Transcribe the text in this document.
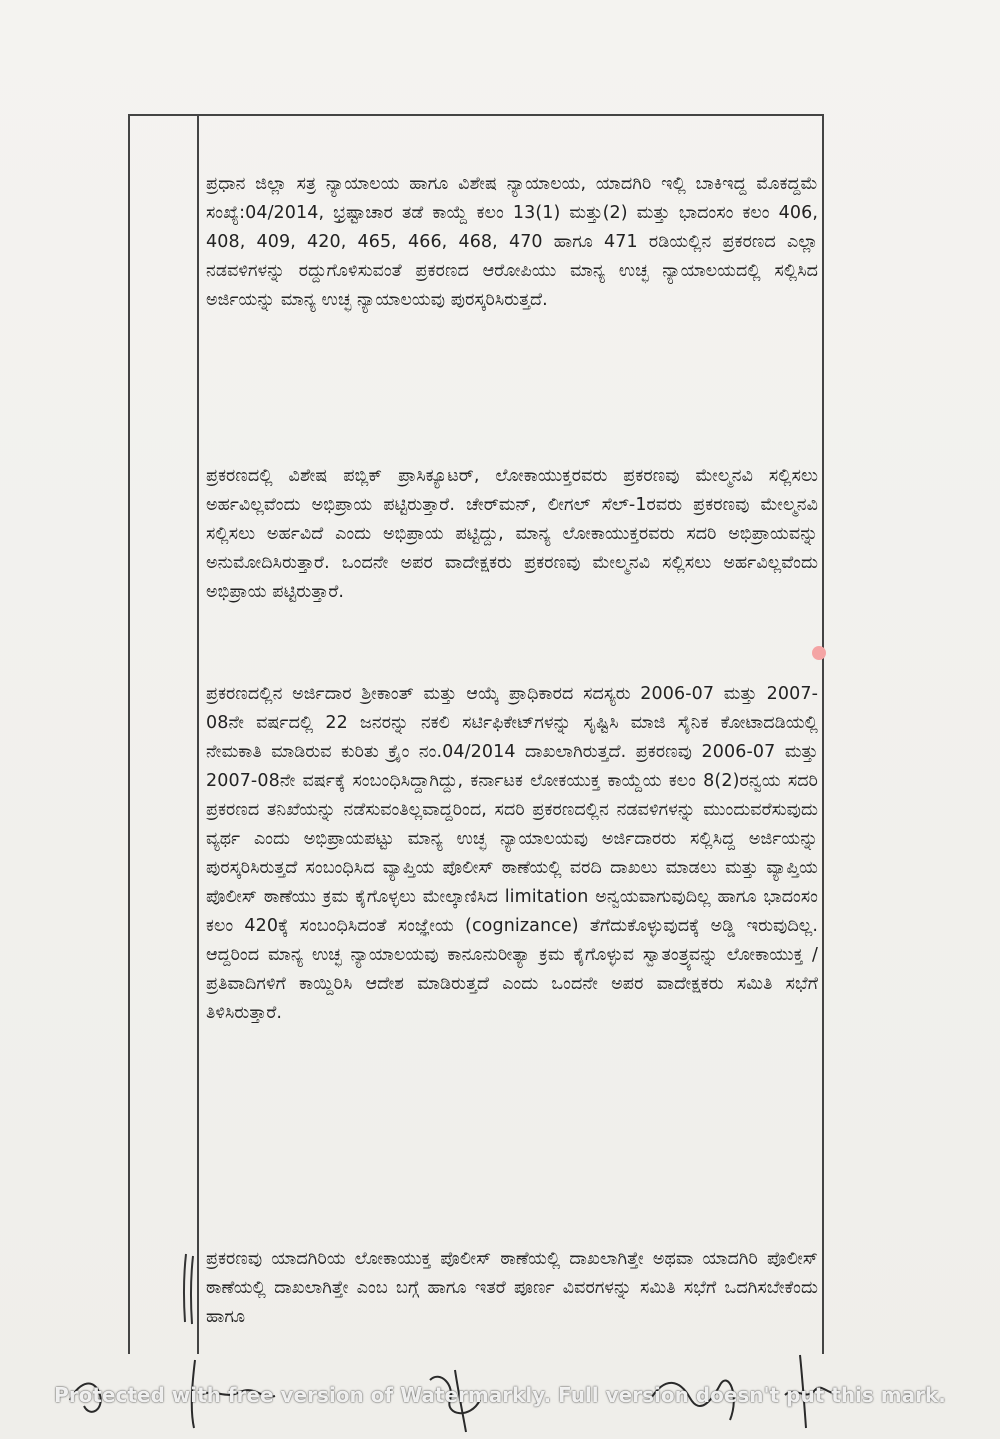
ಪ್ರಧಾನ ಜಿಲ್ಲಾ ಸತ್ರ ನ್ಯಾಯಾಲಯ ಹಾಗೂ ವಿಶೇಷ ನ್ಯಾಯಾಲಯ, ಯಾದಗಿರಿ ಇಲ್ಲಿ ಬಾಕಿಇದ್ದ ಮೊಕದ್ದಮೆ ಸಂಖ್ಯೆ:04/2014, ಭ್ರಷ್ಟಾಚಾರ ತಡೆ ಕಾಯ್ದೆ ಕಲಂ 13(1) ಮತ್ತು(2) ಮತ್ತು ಭಾದಂಸಂ ಕಲಂ 406, 408, 409, 420, 465, 466, 468, 470 ಹಾಗೂ 471 ರಡಿಯಲ್ಲಿನ ಪ್ರಕರಣದ ಎಲ್ಲಾ ನಡವಳಿಗಳನ್ನು ರದ್ದುಗೊಳಿಸುವಂತೆ ಪ್ರಕರಣದ ಆರೋಪಿಯು ಮಾನ್ಯ ಉಚ್ಛ ನ್ಯಾಯಾಲಯದಲ್ಲಿ ಸಲ್ಲಿಸಿದ ಅರ್ಜಿಯನ್ನು ಮಾನ್ಯ ಉಚ್ಛ ನ್ಯಾಯಾಲಯವು ಪುರಸ್ಕರಿಸಿರುತ್ತದೆ.

ಪ್ರಕರಣದಲ್ಲಿ ವಿಶೇಷ ಪಬ್ಲಿಕ್ ಪ್ರಾಸಿಕ್ಯೂಟರ್, ಲೋಕಾಯುಕ್ತರವರು ಪ್ರಕರಣವು ಮೇಲ್ಮನವಿ ಸಲ್ಲಿಸಲು ಅರ್ಹವಿಲ್ಲವೆಂದು ಅಭಿಪ್ರಾಯ ಪಟ್ಟಿರುತ್ತಾರೆ. ಚೇರ್‌ಮನ್, ಲೀಗಲ್ ಸೆಲ್-1ರವರು ಪ್ರಕರಣವು ಮೇಲ್ಮನವಿ ಸಲ್ಲಿಸಲು ಅರ್ಹವಿದೆ ಎಂದು ಅಭಿಪ್ರಾಯ ಪಟ್ಟಿದ್ದು, ಮಾನ್ಯ ಲೋಕಾಯುಕ್ತರವರು ಸದರಿ ಅಭಿಪ್ರಾಯವನ್ನು ಅನುಮೋದಿಸಿರುತ್ತಾರೆ. ಒಂದನೇ ಅಪರ ವಾದೇಕ್ಷಕರು ಪ್ರಕರಣವು ಮೇಲ್ಮನವಿ ಸಲ್ಲಿಸಲು ಅರ್ಹವಿಲ್ಲವೆಂದು ಅಭಿಪ್ರಾಯ ಪಟ್ಟಿರುತ್ತಾರೆ.

ಪ್ರಕರಣದಲ್ಲಿನ ಅರ್ಜಿದಾರ ಶ್ರೀಕಾಂತ್ ಮತ್ತು ಆಯ್ಕೆ ಪ್ರಾಧಿಕಾರದ ಸದಸ್ಯರು 2006-07 ಮತ್ತು 2007-08ನೇ ವರ್ಷದಲ್ಲಿ 22 ಜನರನ್ನು ನಕಲಿ ಸರ್ಟಿಫಿಕೇಟ್‌ಗಳನ್ನು ಸೃಷ್ಟಿಸಿ ಮಾಜಿ ಸೈನಿಕ ಕೋಟಾದಡಿಯಲ್ಲಿ ನೇಮಕಾತಿ ಮಾಡಿರುವ ಕುರಿತು ಕ್ರೈಂ ನಂ.04/2014 ದಾಖಲಾಗಿರುತ್ತದೆ. ಪ್ರಕರಣವು 2006-07 ಮತ್ತು 2007-08ನೇ ವರ್ಷಕ್ಕೆ ಸಂಬಂಧಿಸಿದ್ದಾಗಿದ್ದು, ಕರ್ನಾಟಕ ಲೋಕಯುಕ್ತ ಕಾಯ್ದೆಯ ಕಲಂ 8(2)ರನ್ವಯ ಸದರಿ ಪ್ರಕರಣದ ತನಿಖೆಯನ್ನು ನಡೆಸುವಂತಿಲ್ಲವಾದ್ದರಿಂದ, ಸದರಿ ಪ್ರಕರಣದಲ್ಲಿನ ನಡವಳಿಗಳನ್ನು ಮುಂದುವರೆಸುವುದು ವ್ಯರ್ಥ ಎಂದು ಅಭಿಪ್ರಾಯಪಟ್ಟು ಮಾನ್ಯ ಉಚ್ಛ ನ್ಯಾಯಾಲಯವು ಅರ್ಜಿದಾರರು ಸಲ್ಲಿಸಿದ್ದ ಅರ್ಜಿಯನ್ನು ಪುರಸ್ಕರಿಸಿರುತ್ತದೆ ಸಂಬಂಧಿಸಿದ ವ್ಯಾಪ್ತಿಯ ಪೊಲೀಸ್ ಠಾಣೆಯಲ್ಲಿ ವರದಿ ದಾಖಲು ಮಾಡಲು ಮತ್ತು ವ್ಯಾಪ್ತಿಯ ಪೊಲೀಸ್ ಠಾಣೆಯು ಕ್ರಮ ಕೈಗೊಳ್ಳಲು ಮೇಲ್ಕಾಣಿಸಿದ limitation ಅನ್ವಯವಾಗುವುದಿಲ್ಲ ಹಾಗೂ ಭಾದಂಸಂ ಕಲಂ 420ಕ್ಕೆ ಸಂಬಂಧಿಸಿದಂತೆ ಸಂಜ್ಞೇಯ (cognizance) ತೆಗೆದುಕೊಳ್ಳುವುದಕ್ಕೆ ಅಡ್ಡಿ ಇರುವುದಿಲ್ಲ. ಆದ್ದರಿಂದ ಮಾನ್ಯ ಉಚ್ಛ ನ್ಯಾಯಾಲಯವು ಕಾನೂನುರೀತ್ಯಾ ಕ್ರಮ ಕೈಗೊಳ್ಳುವ ಸ್ವಾತಂತ್ರ್ಯವನ್ನು ಲೋಕಾಯುಕ್ತ / ಪ್ರತಿವಾದಿಗಳಿಗೆ ಕಾಯ್ದಿರಿಸಿ ಆದೇಶ ಮಾಡಿರುತ್ತದೆ ಎಂದು ಒಂದನೇ ಅಪರ ವಾದೇಕ್ಷಕರು ಸಮಿತಿ ಸಭೆಗೆ ತಿಳಿಸಿರುತ್ತಾರೆ.

ಪ್ರಕರಣವು ಯಾದಗಿರಿಯ ಲೋಕಾಯುಕ್ತ ಪೊಲೀಸ್ ಠಾಣೆಯಲ್ಲಿ ದಾಖಲಾಗಿತ್ತೇ ಅಥವಾ ಯಾದಗಿರಿ ಪೊಲೀಸ್ ಠಾಣೆಯಲ್ಲಿ ದಾಖಲಾಗಿತ್ತೇ ಎಂಬ ಬಗ್ಗೆ ಹಾಗೂ ಇತರೆ ಪೂರ್ಣ ವಿವರಗಳನ್ನು ಸಮಿತಿ ಸಭೆಗೆ ಒದಗಿಸಬೇಕೆಂದು ಹಾಗೂ

Protected with free version of Watermarkly. Full version doesn't put this mark.
